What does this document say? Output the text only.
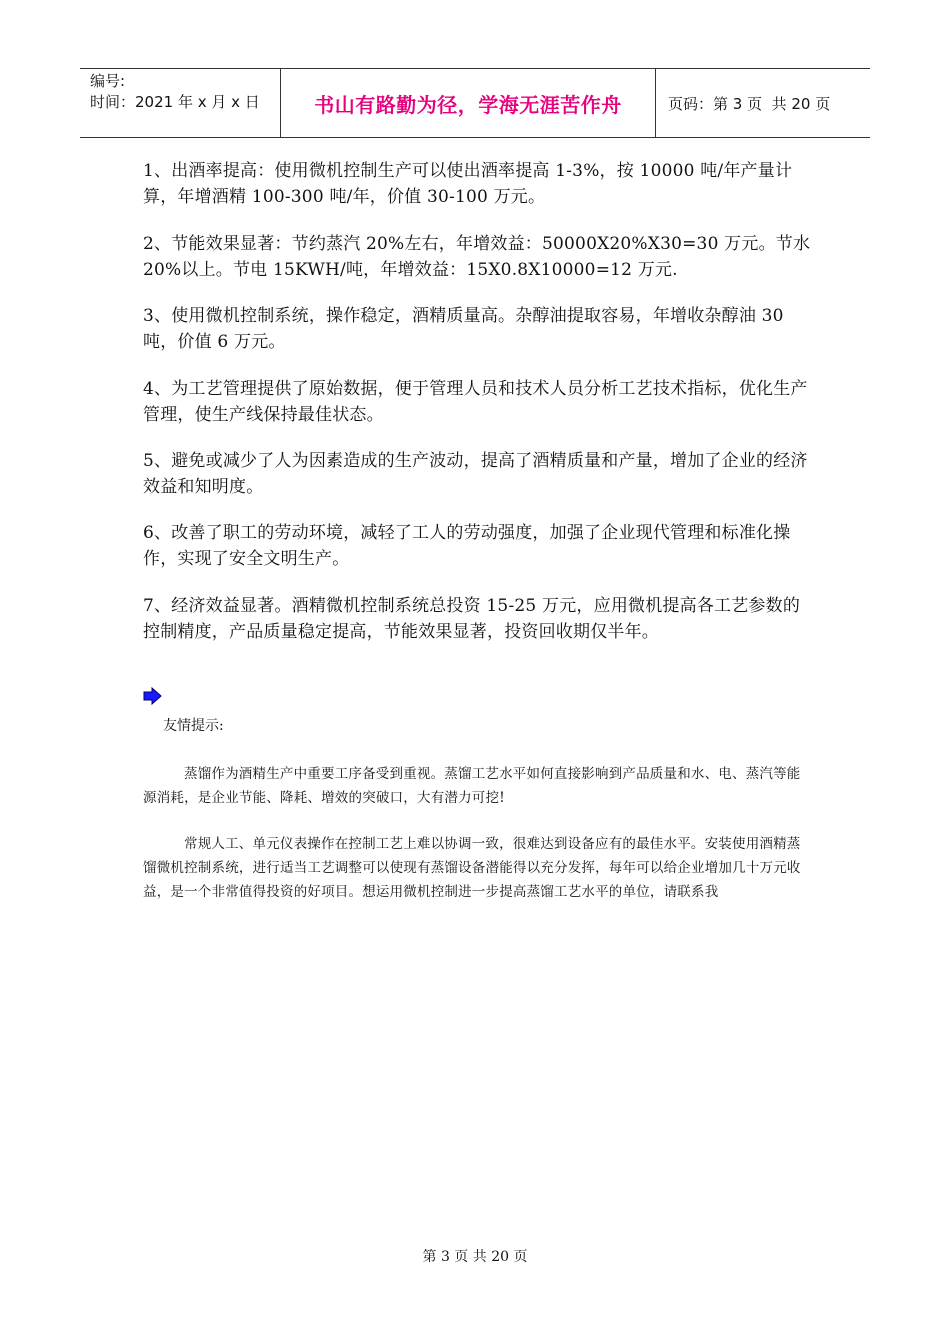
编号:
时间：2021 年 x 月 x 日	书山有路勤为径，学海无涯苦作舟	页码：第 3 页  共 20 页
1、出酒率提高：使用微机控制生产可以使出酒率提高 1-3%，按 10000 吨/年产量计算，年增酒精 100-300 吨/年，价值 30-100 万元。
2、节能效果显著：节约蒸汽 20%左右，年增效益：50000X20%X30=30 万元。节水 20%以上。节电 15KWH/吨，年增效益：15X0.8X10000=12 万元.
3、使用微机控制系统，操作稳定，酒精质量高。杂醇油提取容易，年增收杂醇油 30 吨，价值 6 万元。
4、为工艺管理提供了原始数据，便于管理人员和技术人员分析工艺技术指标，优化生产管理，使生产线保持最佳状态。
5、避免或减少了人为因素造成的生产波动，提高了酒精质量和产量，增加了企业的经济效益和知明度。
6、改善了职工的劳动环境，减轻了工人的劳动强度，加强了企业现代管理和标准化操作，实现了安全文明生产。
7、经济效益显著。酒精微机控制系统总投资 15-25 万元，应用微机提高各工艺参数的控制精度，产品质量稳定提高，节能效果显著，投资回收期仅半年。
友情提示:
蒸馏作为酒精生产中重要工序备受到重视。蒸馏工艺水平如何直接影响到产品质量和水、电、蒸汽等能源消耗，是企业节能、降耗、增效的突破口，大有潜力可挖!
常规人工、单元仪表操作在控制工艺上难以协调一致，很难达到设备应有的最佳水平。安装使用酒精蒸馏微机控制系统，进行适当工艺调整可以使现有蒸馏设备潜能得以充分发挥，每年可以给企业增加几十万元收益，是一个非常值得投资的好项目。想运用微机控制进一步提高蒸馏工艺水平的单位，请联系我
第 3 页 共 20 页
